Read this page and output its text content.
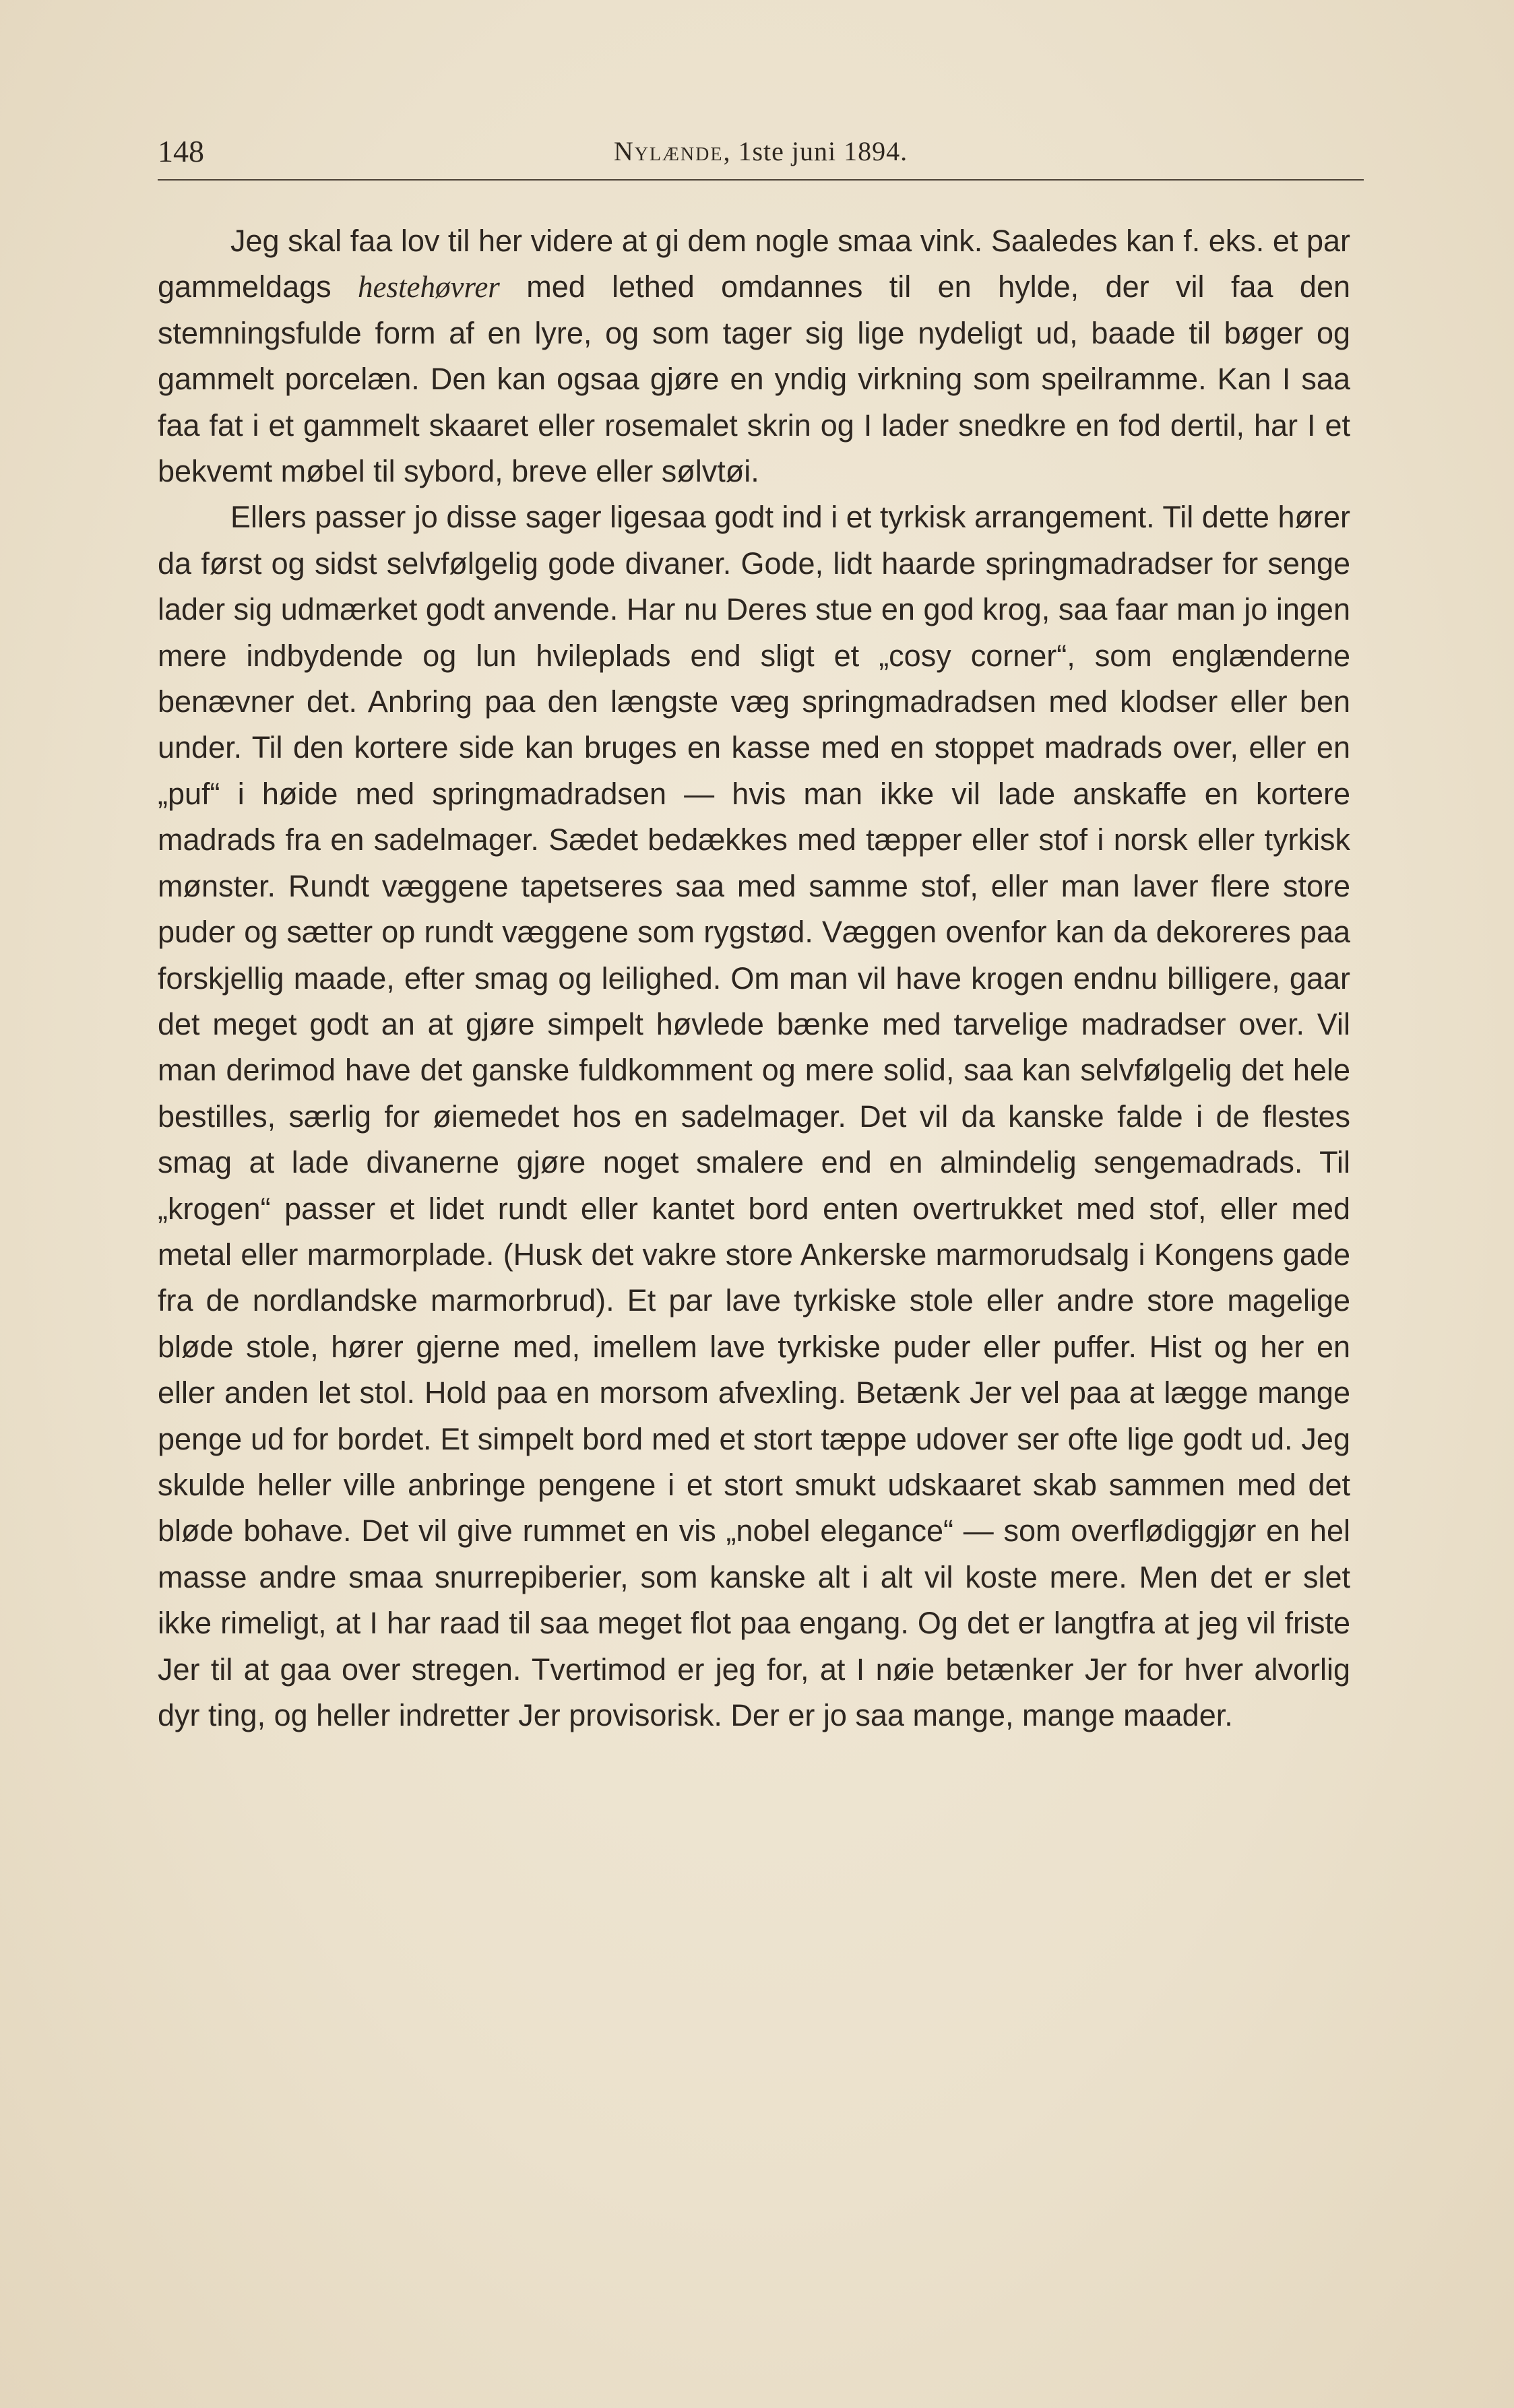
148	Nylænde, 1ste juni 1894.

Jeg skal faa lov til her videre at gi dem nogle smaa vink. Saaledes kan f. eks. et par gammeldags hestehøvrer med lethed omdannes til en hylde, der vil faa den stemningsfulde form af en lyre, og som tager sig lige nydeligt ud, baade til bøger og gammelt porcelæn. Den kan ogsaa gjøre en yndig virkning som speilramme. Kan I saa faa fat i et gammelt skaaret eller rosemalet skrin og I lader snedkre en fod dertil, har I et bekvemt møbel til sybord, breve eller sølvtøi.

Ellers passer jo disse sager ligesaa godt ind i et tyrkisk arrangement. Til dette hører da først og sidst selvfølgelig gode divaner. Gode, lidt haarde springmadradser for senge lader sig udmærket godt anvende. Har nu Deres stue en god krog, saa faar man jo ingen mere indbydende og lun hvileplads end sligt et „cosy corner“, som englænderne benævner det. Anbring paa den længste væg springmadradsen med klodser eller ben under. Til den kortere side kan bruges en kasse med en stoppet madrads over, eller en „puf“ i høide med springmadradsen — hvis man ikke vil lade anskaffe en kortere madrads fra en sadelmager. Sædet bedækkes med tæpper eller stof i norsk eller tyrkisk mønster. Rundt væggene tapetseres saa med samme stof, eller man laver flere store puder og sætter op rundt væggene som rygstød. Væggen ovenfor kan da dekoreres paa forskjellig maade, efter smag og leilighed. Om man vil have krogen endnu billigere, gaar det meget godt an at gjøre simpelt høvlede bænke med tarvelige madradser over. Vil man derimod have det ganske fuldkomment og mere solid, saa kan selvfølgelig det hele bestilles, særlig for øiemedet hos en sadelmager. Det vil da kanske falde i de flestes smag at lade divanerne gjøre noget smalere end en almindelig sengemadrads. Til „krogen“ passer et lidet rundt eller kantet bord enten overtrukket med stof, eller med metal eller marmorplade. (Husk det vakre store Ankerske marmorudsalg i Kongens gade fra de nordlandske marmorbrud). Et par lave tyrkiske stole eller andre store magelige bløde stole, hører gjerne med, imellem lave tyrkiske puder eller puffer. Hist og her en eller anden let stol. Hold paa en morsom afvexling. Betænk Jer vel paa at lægge mange penge ud for bordet. Et simpelt bord med et stort tæppe udover ser ofte lige godt ud. Jeg skulde heller ville anbringe pengene i et stort smukt udskaaret skab sammen med det bløde bohave. Det vil give rummet en vis „nobel elegance“ — som overflødiggjør en hel masse andre smaa snurrepiberier, som kanske alt i alt vil koste mere. Men det er slet ikke rimeligt, at I har raad til saa meget flot paa engang. Og det er langtfra at jeg vil friste Jer til at gaa over stregen. Tvertimod er jeg for, at I nøie betænker Jer for hver alvorlig dyr ting, og heller indretter Jer provisorisk. Der er jo saa mange, mange maader.
